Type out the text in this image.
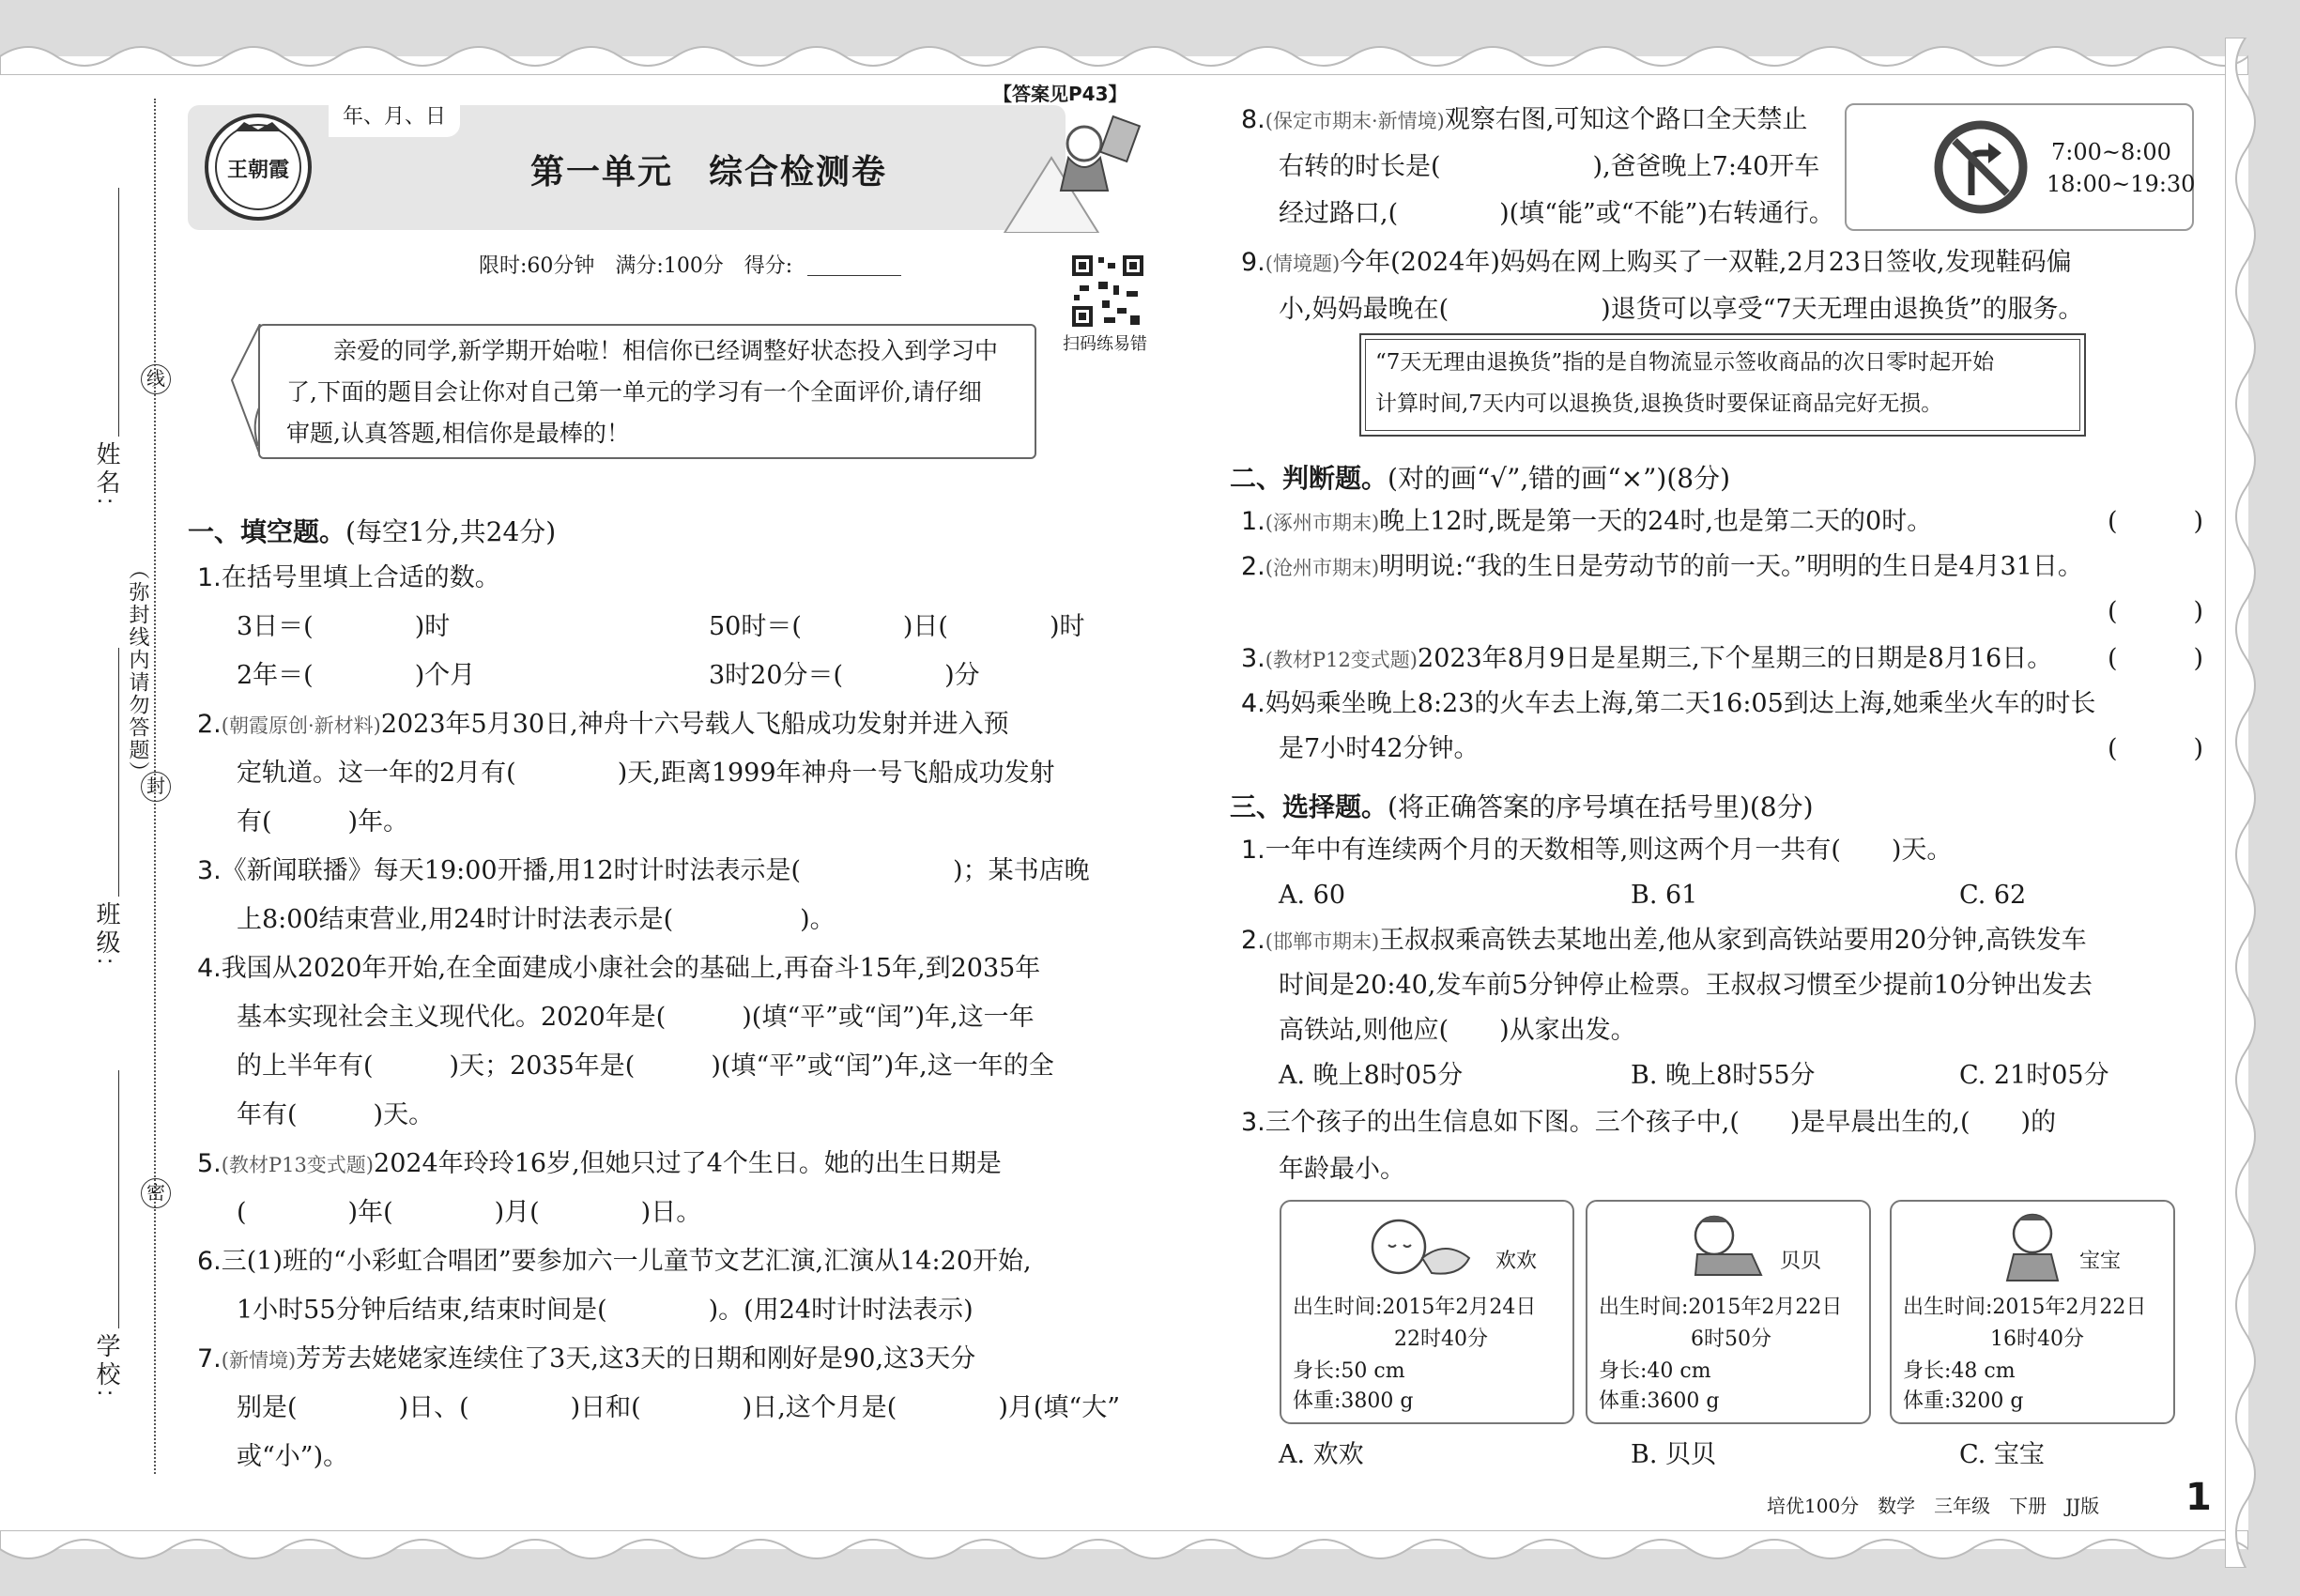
姓名:
线
（弥封线内请勿答题）
封
班级:
密
学校:
王朝霞
年、月、日
【答案见P43】
第一单元　综合检测卷
限时:60分钟　满分:100分　得分:
扫码练易错
　　亲爱的同学,新学期开始啦！相信你已经调整好状态投入到学习中
了,下面的题目会让你对自己第一单元的学习有一个全面评价,请仔细
审题,认真答题,相信你是最棒的！
一、填空题。(每空1分,共24分)
1.在括号里填上合适的数。
3日＝(　　　　)时	50时＝(　　　　)日(　　　　)时
2年＝(　　　　)个月	3时20分＝(　　　　)分
2.(朝霞原创·新材料)2023年5月30日,神舟十六号载人飞船成功发射并进入预
定轨道。这一年的2月有(　　　　)天,距离1999年神舟一号飞船成功发射
有(　　　)年。
3.《新闻联播》每天19:00开播,用12时计时法表示是(　　　　　　)；某书店晚
上8:00结束营业,用24时计时法表示是(　　　　　)。
4.我国从2020年开始,在全面建成小康社会的基础上,再奋斗15年,到2035年
基本实现社会主义现代化。2020年是(　　　)(填“平”或“闰”)年,这一年
的上半年有(　　　)天；2035年是(　　　)(填“平”或“闰”)年,这一年的全
年有(　　　)天。
5.(教材P13变式题)2024年玲玲16岁,但她只过了4个生日。她的出生日期是
(　　　　)年(　　　　)月(　　　　)日。
6.三(1)班的“小彩虹合唱团”要参加六一儿童节文艺汇演,汇演从14:20开始,
1小时55分钟后结束,结束时间是(　　　　)。(用24时计时法表示)
7.(新情境)芳芳去姥姥家连续住了3天,这3天的日期和刚好是90,这3天分
别是(　　　　)日、(　　　　)日和(　　　　)日,这个月是(　　　　)月(填“大”
或“小”)。
8.(保定市期末·新情境)观察右图,可知这个路口全天禁止
右转的时长是(　　　　　　),爸爸晚上7:40开车
经过路口,(　　　　)(填“能”或“不能”)右转通行。
7:00~8:00
18:00~19:30
9.(情境题)今年(2024年)妈妈在网上购买了一双鞋,2月23日签收,发现鞋码偏
小,妈妈最晚在(　　　　　　)退货可以享受“7天无理由退换货”的服务。
“7天无理由退换货”指的是自物流显示签收商品的次日零时起开始
计算时间,7天内可以退换货,退换货时要保证商品完好无损。
二、判断题。(对的画“√”,错的画“×”)(8分)
1.(涿州市期末)晚上12时,既是第一天的24时,也是第二天的0时。	(　　　)
2.(沧州市期末)明明说:“我的生日是劳动节的前一天。”明明的生日是4月31日。
(　　　)
3.(教材P12变式题)2023年8月9日是星期三,下个星期三的日期是8月16日。 (　　　)
4.妈妈乘坐晚上8:23的火车去上海,第二天16:05到达上海,她乘坐火车的时长
是7小时42分钟。	(　　　)
三、选择题。(将正确答案的序号填在括号里)(8分)
1.一年中有连续两个月的天数相等,则这两个月一共有(　　)天。
A. 60	B. 61	C. 62
2.(邯郸市期末)王叔叔乘高铁去某地出差,他从家到高铁站要用20分钟,高铁发车
时间是20:40,发车前5分钟停止检票。王叔叔习惯至少提前10分钟出发去
高铁站,则他应(　　)从家出发。
A. 晚上8时05分	B. 晚上8时55分	C. 21时05分
3.三个孩子的出生信息如下图。三个孩子中,(　　)是早晨出生的,(　　)的
年龄最小。
欢欢
出生时间:2015年2月24日
22时40分
身长:50 cm
体重:3800 g
贝贝
出生时间:2015年2月22日
6时50分
身长:40 cm
体重:3600 g
宝宝
出生时间:2015年2月22日
16时40分
身长:48 cm
体重:3200 g
A. 欢欢	B. 贝贝	C. 宝宝
培优100分　数学　三年级　下册　JJ版 1
